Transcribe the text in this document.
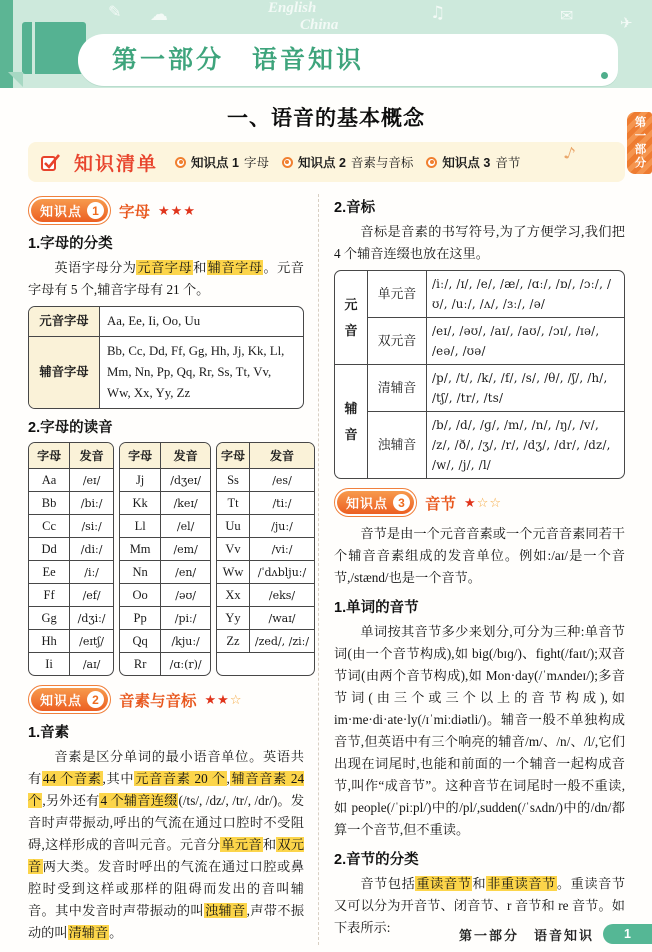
☁
✎	♫	✉	✈
English
China
第一部分　语音知识
第一部分
一、语音的基本概念
知识清单	知识点 1 字母 知识点 2 音素与音标 知识点 3 音节 ♪
知识点 1	字母 ★★★
1.字母的分类

英语字母分为元音字母和辅音字母。元音字母有 5 个,辅音字母有 21 个。

元音字母	Aa, Ee, Ii, Oo, Uu
辅音字母	Bb, Cc, Dd, Ff, Gg, Hh, Jj, Kk, Ll, Mm, Nn, Pp, Qq, Rr, Ss, Tt, Vv, Ww, Xx, Yy, Zz
2.字母的读音
字母	发音
Aa	/eɪ/
Bb	/biː/
Cc	/siː/
Dd	/diː/
Ee	/iː/
Ff	/ef/
Gg	/dʒiː/
Hh	/eɪtʃ/
Ii	/aɪ/
字母	发音
Jj	/dʒeɪ/
Kk	/keɪ/
Ll	/el/
Mm	/em/
Nn	/en/
Oo	/əʊ/
Pp	/piː/
Qq	/kjuː/
Rr	/ɑː(r)/
字母	发音
Ss	/es/
Tt	/tiː/
Uu	/juː/
Vv	/viː/
Ww	/ˈdʌbljuː/
Xx	/eks/
Yy	/waɪ/
Zz	/zed/, /ziː/
知识点 2	音素与音标 ★★☆
1.音素

音素是区分单词的最小语音单位。英语共有44 个音素,其中元音音素 20 个,辅音音素 24 个,另外还有4 个辅音连缀(/ts/, /dz/, /tr/, /dr/)。发音时声带振动,呼出的气流在通过口腔时不受阻碍,这样形成的音叫元音。元音分单元音和双元音两大类。发音时呼出的气流在通过口腔或鼻腔时受到这样或那样的阻碍而发出的音叫辅音。其中发音时声带振动的叫浊辅音,声带不振动的叫清辅音。

2.音标

音标是音素的书写符号,为了方便学习,我们把 4 个辅音连缀也放在这里。

元音	单元音	/iː/, /ɪ/, /e/, /æ/, /ɑː/, /ɒ/, /ɔː/, /ʊ/, /uː/, /ʌ/, /ɜː/, /ə/
	双元音	/eɪ/, /əʊ/, /aɪ/, /aʊ/, /ɔɪ/, /ɪə/, /eə/, /ʊə/
辅音	清辅音	/p/, /t/, /k/, /f/, /s/, /θ/, /ʃ/, /h/, /tʃ/, /tr/, /ts/
	浊辅音	/b/, /d/, /ɡ/, /m/, /n/, /ŋ/, /v/, /z/, /ð/, /ʒ/, /r/, /dʒ/, /dr/, /dz/, /w/, /j/, /l/
知识点 3	音节 ★☆☆

音节是由一个元音音素或一个元音音素同若干个辅音音素组成的发音单位。例如:/aɪ/是一个音节,/stænd/也是一个音节。

1.单词的音节

单词按其音节多少来划分,可分为三种:单音节词(由一个音节构成),如 big(/bɪɡ/)、fight(/faɪt/);双音节词(由两个音节构成),如 Mon·day(/ˈmʌndeɪ/);多音节词(由三个或三个以上的音节构成),如 im·me·di·ate·ly(/ɪˈmiːdiətli/)。辅音一般不单独构成音节,但英语中有三个响亮的辅音/m/、/n/、/l/,它们出现在词尾时,也能和前面的一个辅音一起构成音节,叫作“成音节”。这种音节在词尾时一般不重读,如 people(/ˈpiːpl/)中的/pl/,sudden(/ˈsʌdn/)中的/dn/都算一个音节,但不重读。

2.音节的分类

音节包括重读音节和非重读音节。重读音节又可以分为开音节、闭音节、r 音节和 re 音节。如下表所示:	第一部分　语音知识	1
